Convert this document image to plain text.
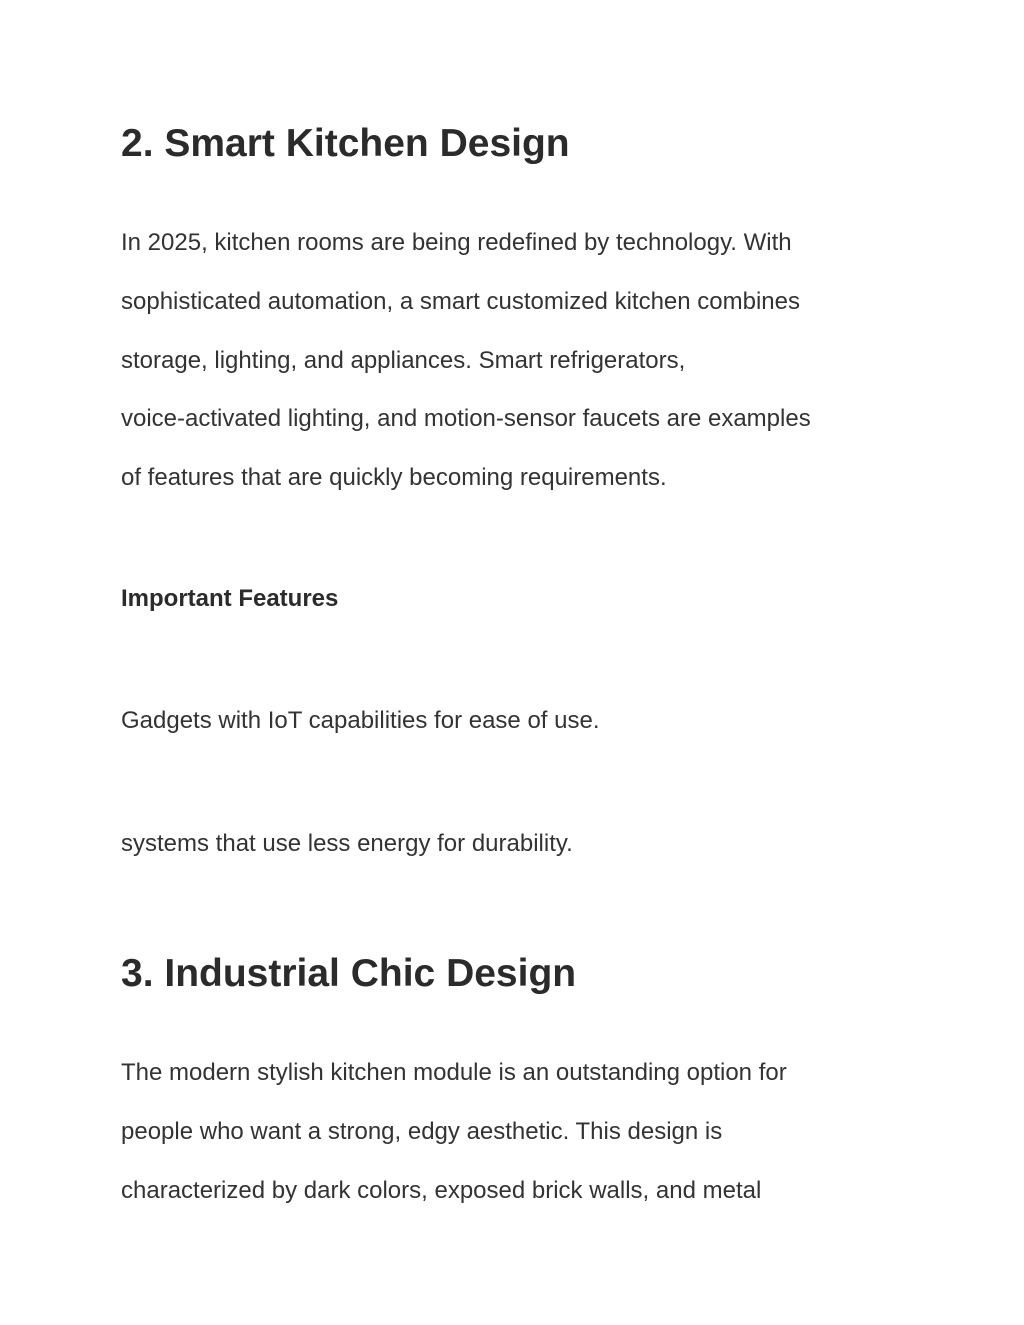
2. Smart Kitchen Design

In 2025, kitchen rooms are being redefined by technology. With
sophisticated automation, a smart customized kitchen combines
storage, lighting, and appliances. Smart refrigerators,
voice-activated lighting, and motion-sensor faucets are examples
of features that are quickly becoming requirements.

Important Features

Gadgets with IoT capabilities for ease of use.

systems that use less energy for durability.

3. Industrial Chic Design

The modern stylish kitchen module is an outstanding option for
people who want a strong, edgy aesthetic. This design is
characterized by dark colors, exposed brick walls, and metal
